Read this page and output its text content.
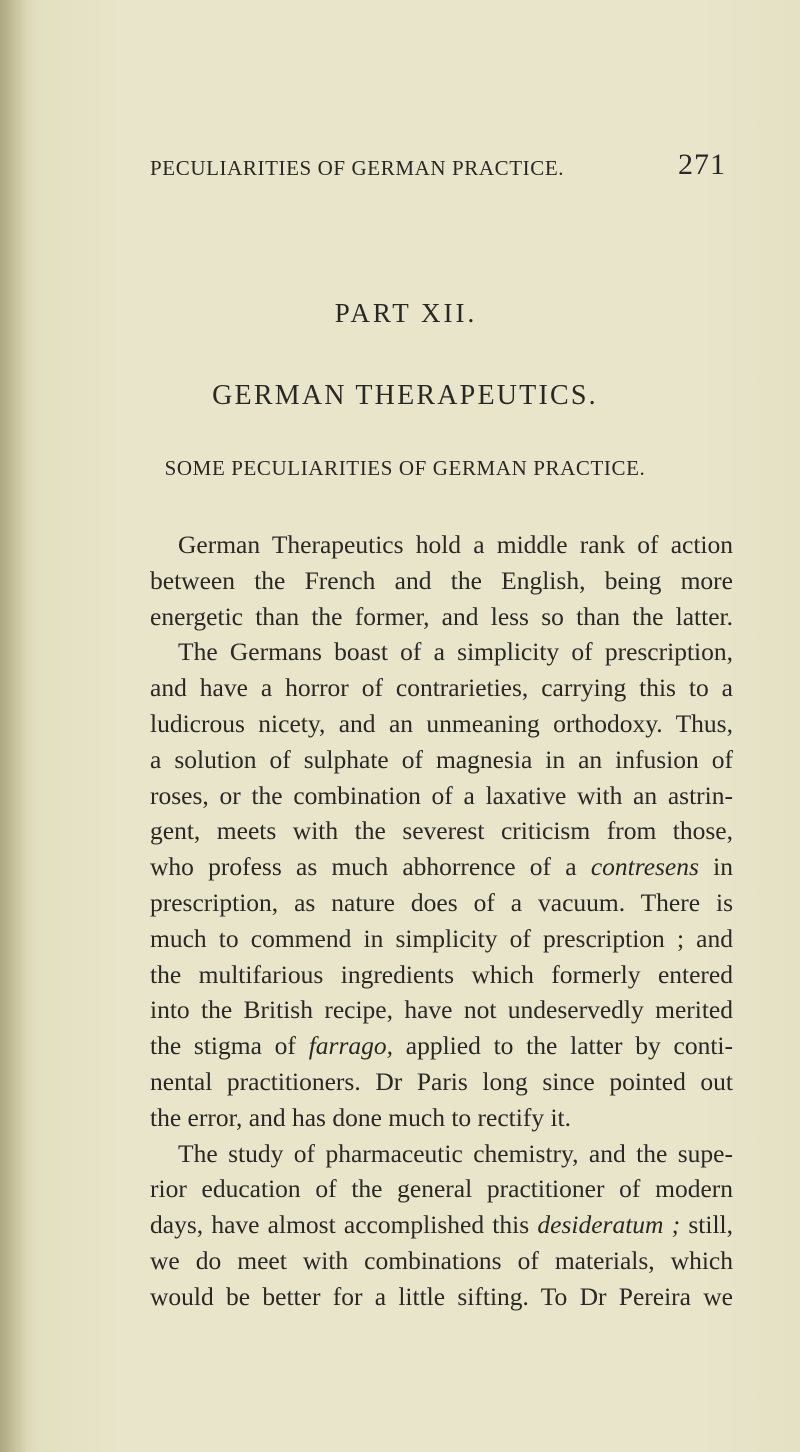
PECULIARITIES OF GERMAN PRACTICE.	271
PART XII.
GERMAN THERAPEUTICS.
SOME PECULIARITIES OF GERMAN PRACTICE.
German Therapeutics hold a middle rank of action
between the French and the English, being more
energetic than the former, and less so than the latter.
The Germans boast of a simplicity of prescription,
and have a horror of contrarieties, carrying this to a
ludicrous nicety, and an unmeaning orthodoxy. Thus,
a solution of sulphate of magnesia in an infusion of
roses, or the combination of a laxative with an astrin-
gent, meets with the severest criticism from those,
who profess as much abhorrence of a contresens in
prescription, as nature does of a vacuum. There is
much to commend in simplicity of prescription ; and
the multifarious ingredients which formerly entered
into the British recipe, have not undeservedly merited
the stigma of farrago, applied to the latter by conti-
nental practitioners. Dr Paris long since pointed out
the error, and has done much to rectify it.
The study of pharmaceutic chemistry, and the supe-
rior education of the general practitioner of modern
days, have almost accomplished this desideratum ; still,
we do meet with combinations of materials, which
would be better for a little sifting. To Dr Pereira we
